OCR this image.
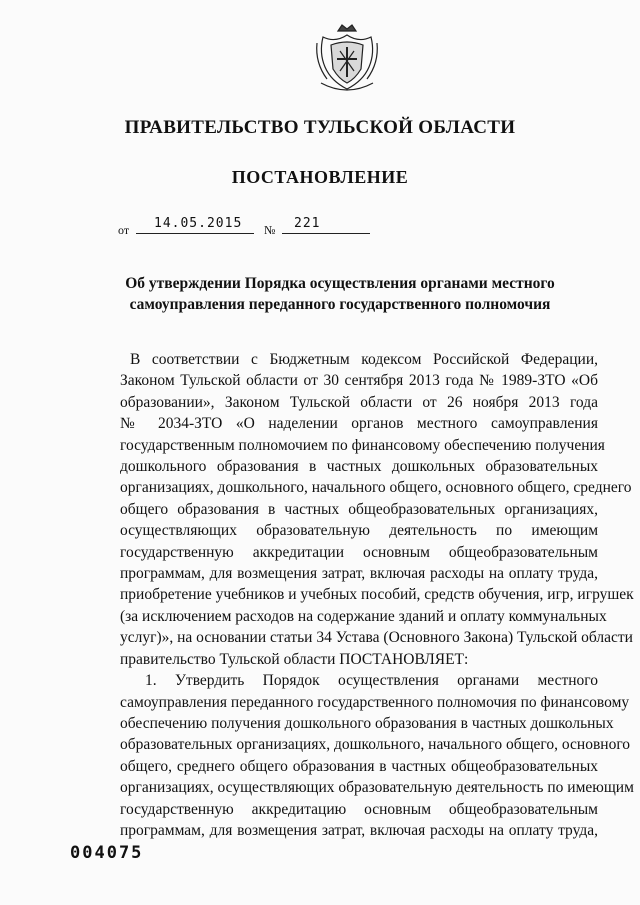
ПРАВИТЕЛЬСТВО ТУЛЬСКОЙ ОБЛАСТИ
ПОСТАНОВЛЕНИЕ
от 14.05.2015 № 221
Об утверждении Порядка осуществления органами местного
самоуправления переданного государственного полномочия
В соответствии с Бюджетным кодексом Российской Федерации,
Законом Тульской области от 30 сентября 2013 года № 1989-ЗТО «Об
образовании», Законом Тульской области от 26 ноября 2013 года
№ 2034-ЗТО «О наделении органов местного самоуправления
государственным полномочием по финансовому обеспечению получения
дошкольного образования в частных дошкольных образовательных
организациях, дошкольного, начального общего, основного общего, среднего
общего образования в частных общеобразовательных организациях,
осуществляющих образовательную деятельность по имеющим
государственную аккредитации основным общеобразовательным
программам, для возмещения затрат, включая расходы на оплату труда,
приобретение учебников и учебных пособий, средств обучения, игр, игрушек
(за исключением расходов на содержание зданий и оплату коммунальных
услуг)», на основании статьи 34 Устава (Основного Закона) Тульской области
правительство Тульской области ПОСТАНОВЛЯЕТ:
1. Утвердить Порядок осуществления органами местного
самоуправления переданного государственного полномочия по финансовому
обеспечению получения дошкольного образования в частных дошкольных
образовательных организациях, дошкольного, начального общего, основного
общего, среднего общего образования в частных общеобразовательных
организациях, осуществляющих образовательную деятельность по имеющим
государственную аккредитацию основным общеобразовательным
программам, для возмещения затрат, включая расходы на оплату труда,
004075
